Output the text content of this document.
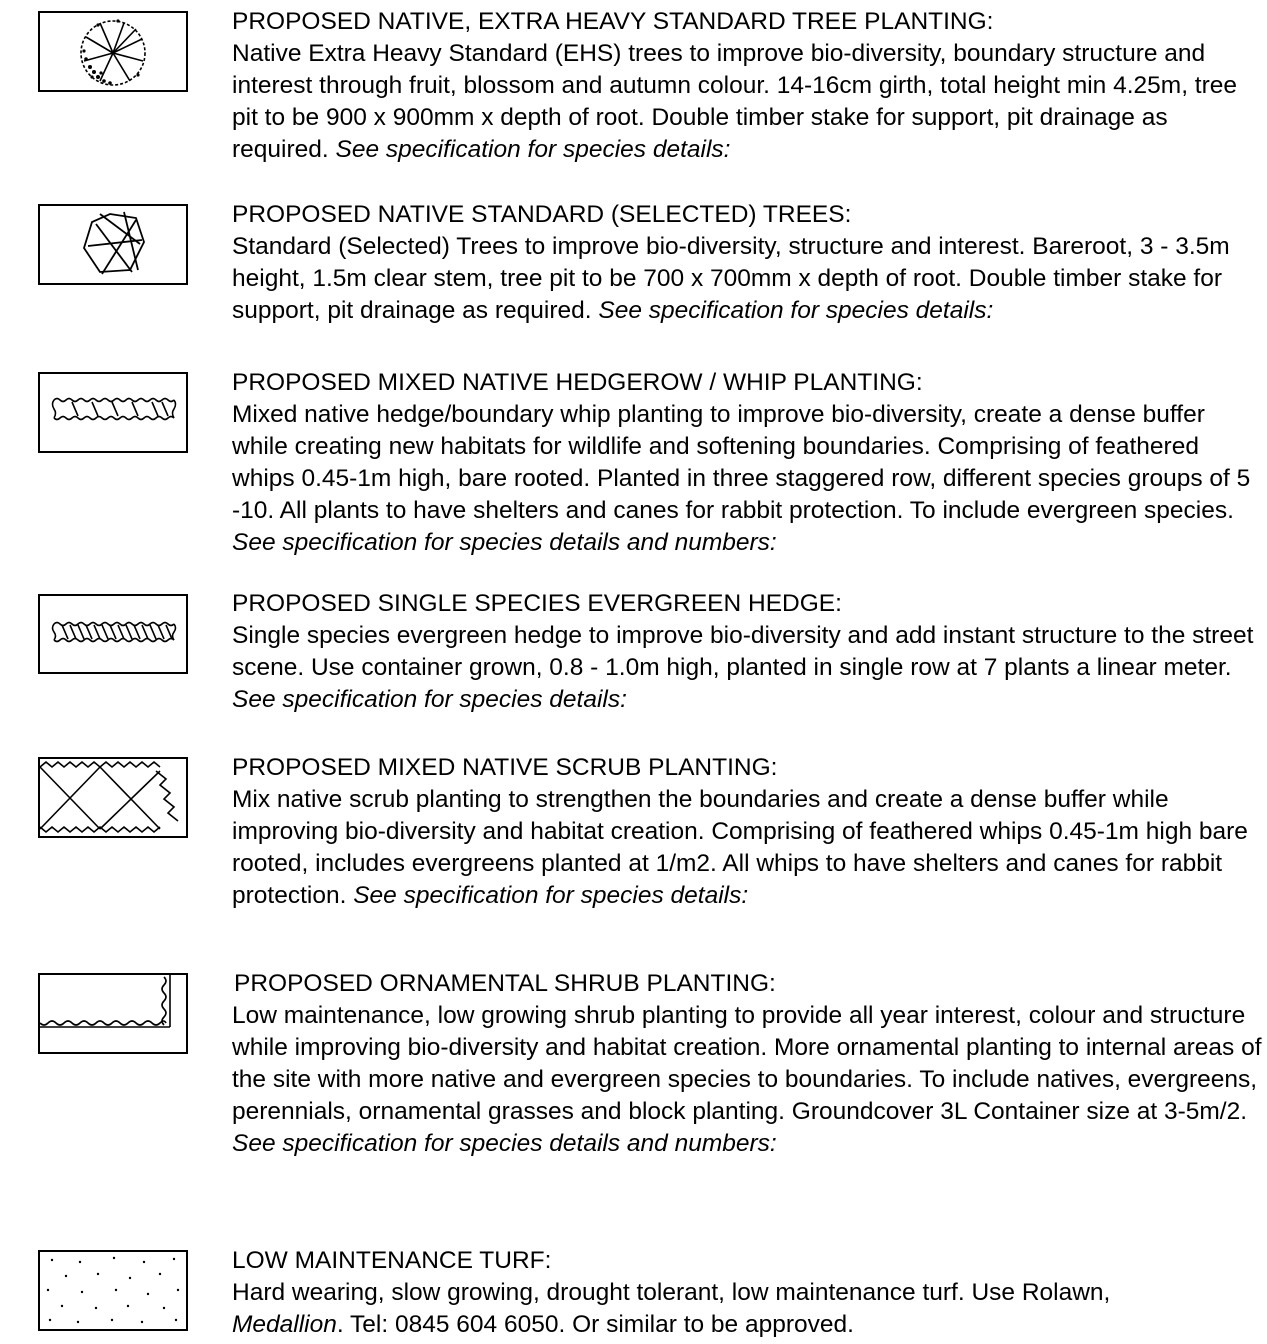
PROPOSED NATIVE, EXTRA HEAVY STANDARD TREE PLANTING:
Native Extra Heavy Standard (EHS) trees to improve bio-diversity, boundary structure and interest through fruit, blossom and autumn colour. 14-16cm girth, total height min 4.25m, tree pit to be 900 x 900mm x depth of root. Double timber stake for support, pit drainage as required. See specification for species details:
PROPOSED NATIVE STANDARD (SELECTED) TREES:
Standard (Selected) Trees to improve bio-diversity, structure and interest. Bareroot, 3 - 3.5m height, 1.5m clear stem, tree pit to be 700 x 700mm x depth of root. Double timber stake for support, pit drainage as required. See specification for species details:
PROPOSED MIXED NATIVE HEDGEROW / WHIP PLANTING:
Mixed native hedge/boundary whip planting to improve bio-diversity, create a dense buffer while creating new habitats for wildlife and softening boundaries. Comprising of feathered whips 0.45-1m high, bare rooted. Planted in three staggered row, different species groups of 5 -10. All plants to have shelters and canes for rabbit protection. To include evergreen species. See specification for species details and numbers:
PROPOSED SINGLE SPECIES EVERGREEN HEDGE:
Single species evergreen hedge to improve bio-diversity and add instant structure to the street scene. Use container grown, 0.8 - 1.0m high, planted in single row at 7 plants a linear meter. See specification for species details:
PROPOSED MIXED NATIVE SCRUB PLANTING:
Mix native scrub planting to strengthen the boundaries and create a dense buffer while improving bio-diversity and habitat creation. Comprising of feathered whips 0.45-1m high bare rooted, includes evergreens planted at 1/m2. All whips to have shelters and canes for rabbit protection. See specification for species details:
PROPOSED ORNAMENTAL SHRUB PLANTING:
Low maintenance, low growing shrub planting to provide all year interest, colour and structure while improving bio-diversity and habitat creation. More ornamental planting to internal areas of the site with more native and evergreen species to boundaries. To include natives, evergreens, perennials, ornamental grasses and block planting. Groundcover 3L Container size at 3-5m/2. See specification for species details and numbers:
LOW MAINTENANCE TURF:
Hard wearing, slow growing, drought tolerant, low maintenance turf. Use Rolawn,
Medallion. Tel: 0845 604 6050. Or similar to be approved.
